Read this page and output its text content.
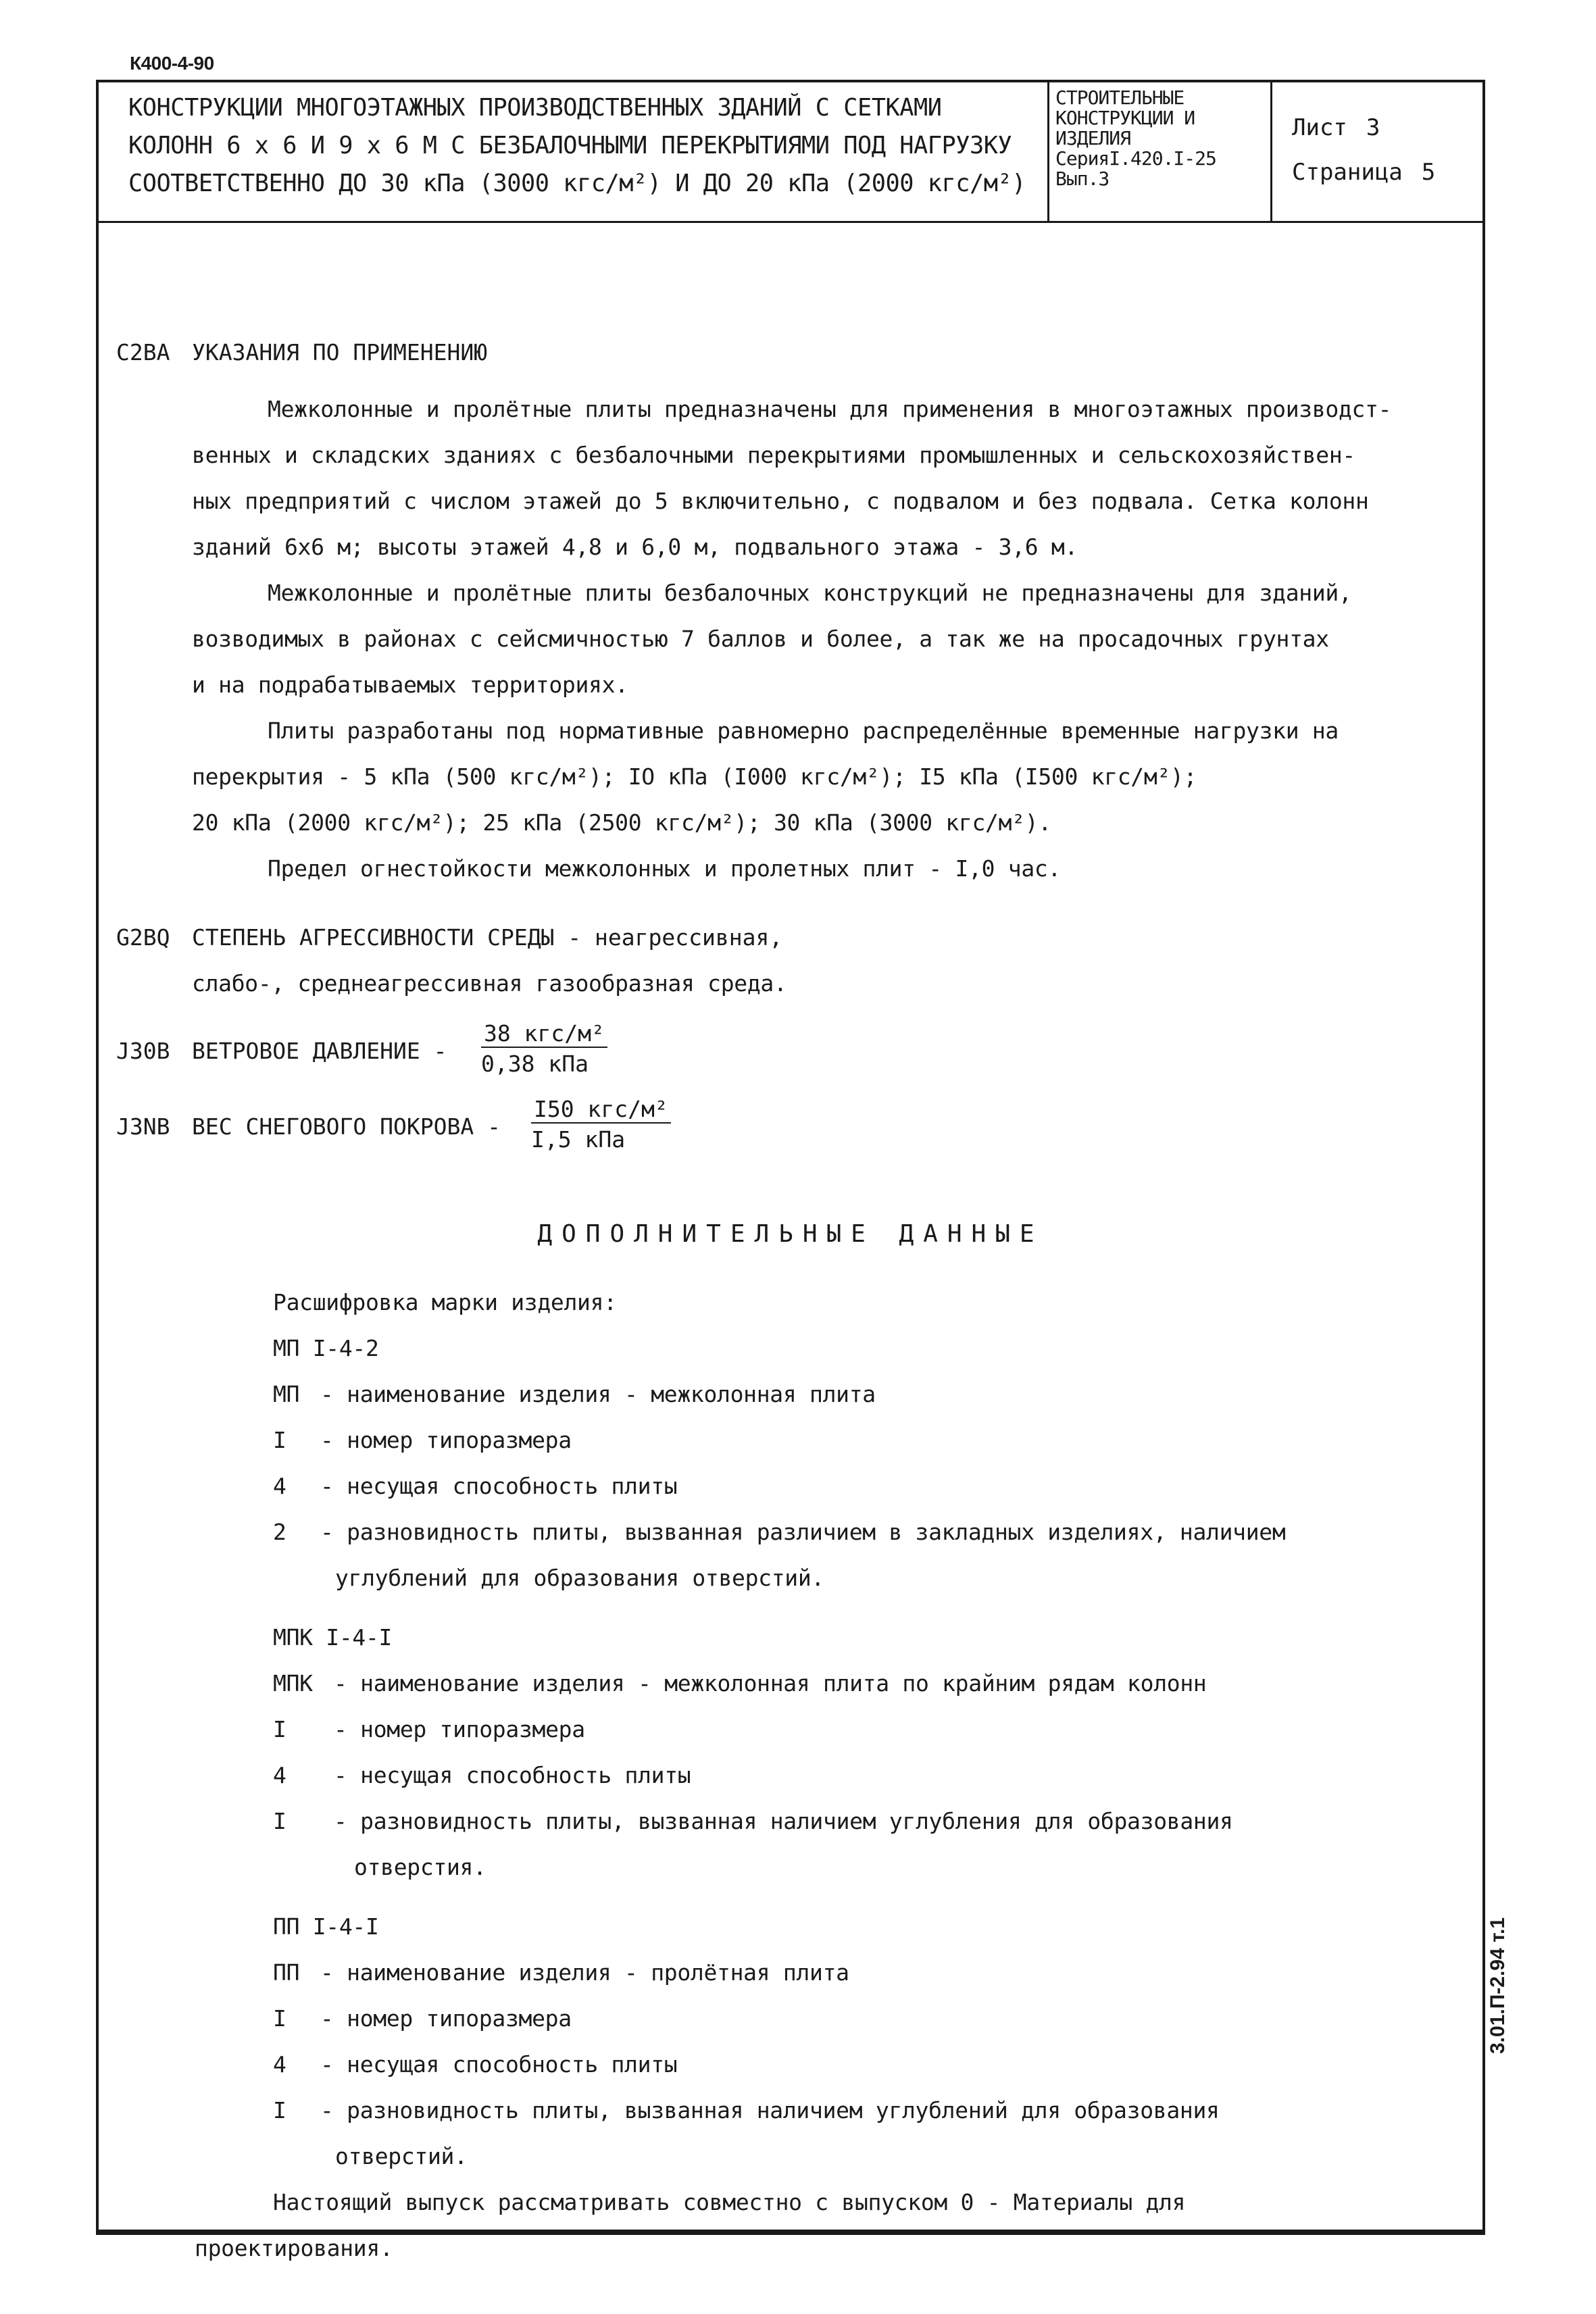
К400-4-90
КОНСТРУКЦИИ МНОГОЭТАЖНЫХ ПРОИЗВОДСТВЕННЫХ ЗДАНИЙ С СЕТКАМИ
КОЛОНН 6 х 6 И 9 х 6 М С БЕЗБАЛОЧНЫМИ ПЕРЕКРЫТИЯМИ ПОД НАГРУЗКУ
СООТВЕТСТВЕННО ДО 30 кПа (3000 кгс/м²) И ДО 20 кПа (2000 кгс/м²)
СТРОИТЕЛЬНЫЕ
КОНСТРУКЦИИ И
ИЗДЕЛИЯ
СерияI.420.I-25
Вып.3
Лист 3
Страница 5
C2BA УКАЗАНИЯ ПО ПРИМЕНЕНИЮ
Межколонные и пролётные плиты предназначены для применения в многоэтажных производст-
венных и складских зданиях с безбалочными перекрытиями промышленных и сельскохозяйствен-
ных предприятий с числом этажей до 5 включительно, с подвалом и без подвала. Сетка колонн
зданий 6х6 м; высоты этажей 4,8 и 6,0 м, подвального этажа - 3,6 м.
Межколонные и пролётные плиты безбалочных конструкций не предназначены для зданий,
возводимых в районах с сейсмичностью 7 баллов и более, а так же на просадочных грунтах
и на подрабатываемых территориях.
Плиты разработаны под нормативные равномерно распределённые временные нагрузки на
перекрытия - 5 кПа (500 кгс/м²); IO кПа (I000 кгс/м²); I5 кПа (I500 кгс/м²);
20 кПа (2000 кгс/м²); 25 кПа (2500 кгс/м²); 30 кПа (3000 кгс/м²).
Предел огнестойкости межколонных и пролетных плит - I,0 час.
G2BQ СТЕПЕНЬ АГРЕССИВНОСТИ СРЕДЫ - неагрессивная,
слабо-, среднеагрессивная газообразная среда.
J30B ВЕТРОВОЕ ДАВЛЕНИЕ -
38 кгс/м²
0,38 кПа
J3NB ВЕС СНЕГОВОГО ПОКРОВА -
I50 кгс/м²
I,5 кПа
ДОПОЛНИТЕЛЬНЫЕ ДАННЫЕ
Расшифровка марки изделия:
МП I-4-2
МП - наименование изделия - межколонная плита
I - номер типоразмера
4 - несущая способность плиты
2 - разновидность плиты, вызванная различием в закладных изделиях, наличием
углублений для образования отверстий.
МПК I-4-I
МПК - наименование изделия - межколонная плита по крайним рядам колонн
I - номер типоразмера
4 - несущая способность плиты
I - разновидность плиты, вызванная наличием углубления для образования
отверстия.
ПП I-4-I
ПП - наименование изделия - пролётная плита
I - номер типоразмера
4 - несущая способность плиты
I - разновидность плиты, вызванная наличием углублений для образования
отверстий.
Настоящий выпуск рассматривать совместно с выпуском 0 - Материалы для
проектирования.
3.01.П-2.94 т.1
